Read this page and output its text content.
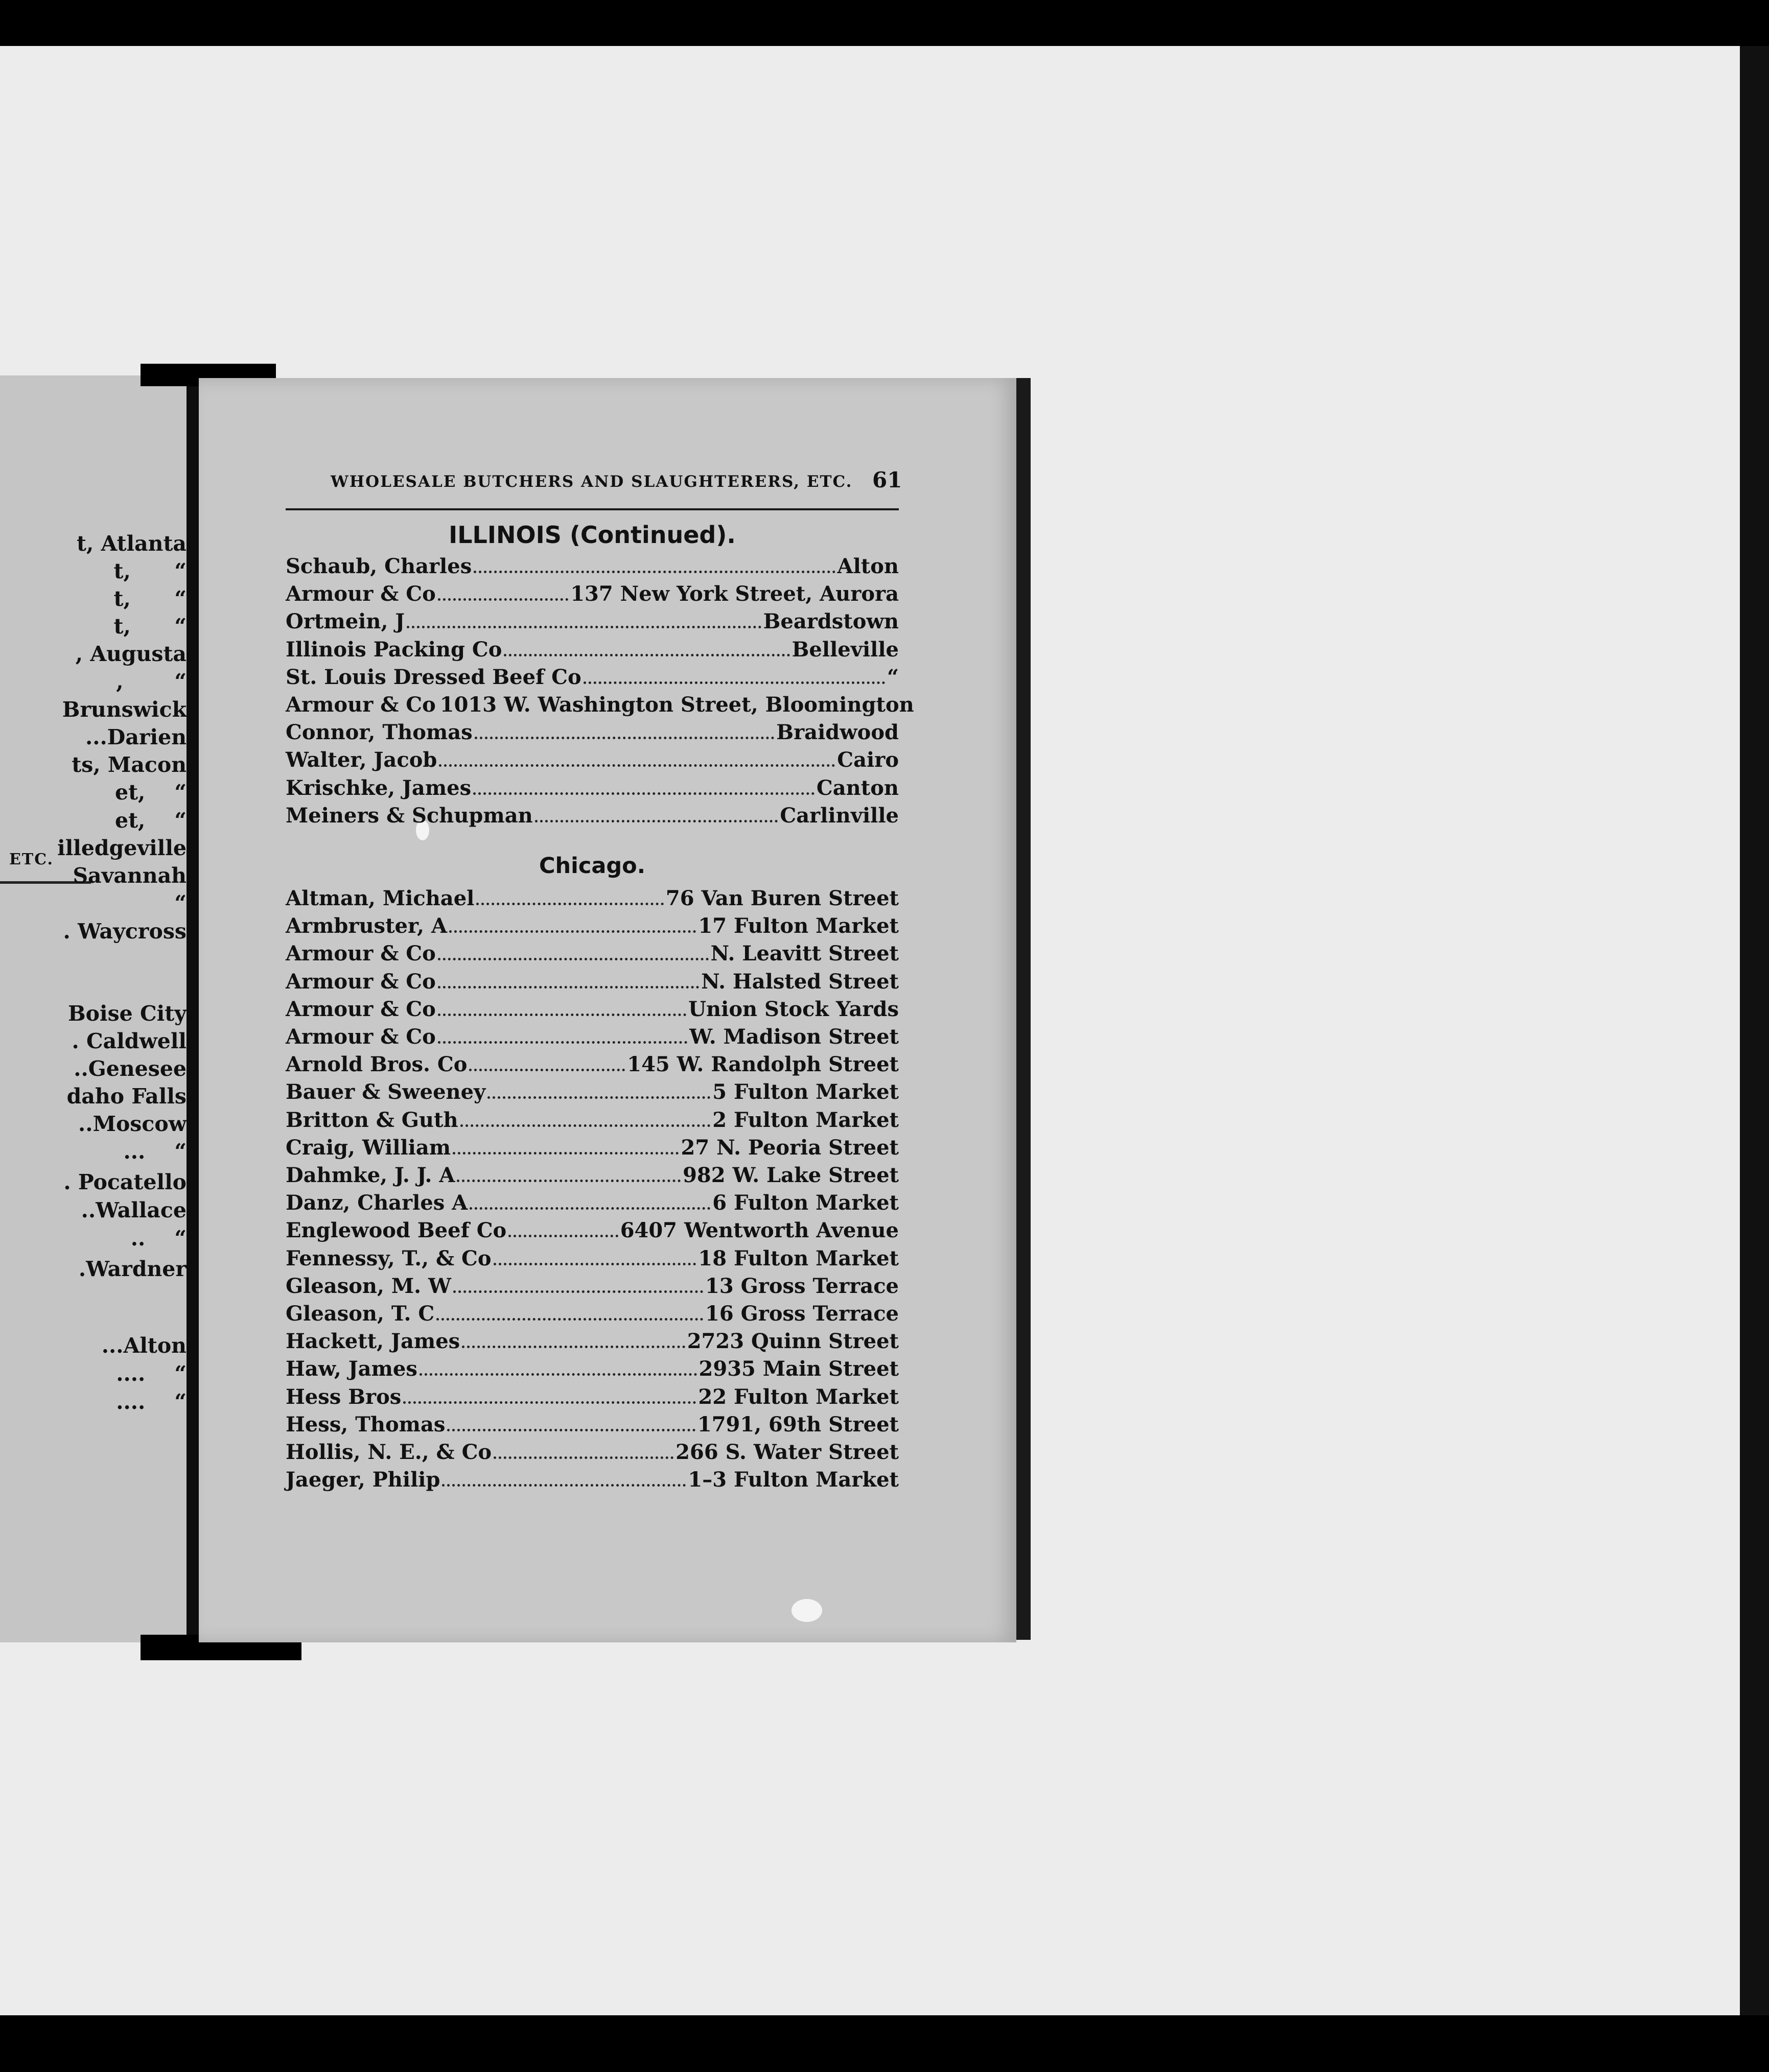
ETC.
t, Atlanta
t,      “
t,      “
t,      “
, Augusta
,       “
Brunswick
...Darien
ts, Macon
et,    “
et,    “
illedgeville
Savannah
“
. Waycross
Boise City
. Caldwell
..Genesee
daho Falls
..Moscow
...    “
. Pocatello
..Wallace
..    “
.Wardner
...Alton
....    “
....    “
WHOLESALE BUTCHERS AND SLAUGHTERERS, ETC. 61
ILLINOIS (Continued).
Chicago.
Schaub, Charles	Alton
Armour & Co	137 New York Street, Aurora
Ortmein, J	Beardstown
Illinois Packing Co	Belleville
St. Louis Dressed Beef Co	“
Armour & Co 1013 W. Washington Street, Bloomington
Connor, Thomas	Braidwood
Walter, Jacob	Cairo
Krischke, James	Canton
Meiners & Schupman	Carlinville
Altman, Michael	76 Van Buren Street
Armbruster, A	17 Fulton Market
Armour & Co	N. Leavitt Street
Armour & Co	N. Halsted Street
Armour & Co	Union Stock Yards
Armour & Co	W. Madison Street
Arnold Bros. Co	145 W. Randolph Street
Bauer & Sweeney	5 Fulton Market
Britton & Guth	2 Fulton Market
Craig, William	27 N. Peoria Street
Dahmke, J. J. A	982 W. Lake Street
Danz, Charles A	6 Fulton Market
Englewood Beef Co	6407 Wentworth Avenue
Fennessy, T., & Co	18 Fulton Market
Gleason, M. W	13 Gross Terrace
Gleason, T. C	16 Gross Terrace
Hackett, James	2723 Quinn Street
Haw, James	2935 Main Street
Hess Bros	22 Fulton Market
Hess, Thomas	1791, 69th Street
Hollis, N. E., & Co	266 S. Water Street
Jaeger, Philip	1–3 Fulton Market
